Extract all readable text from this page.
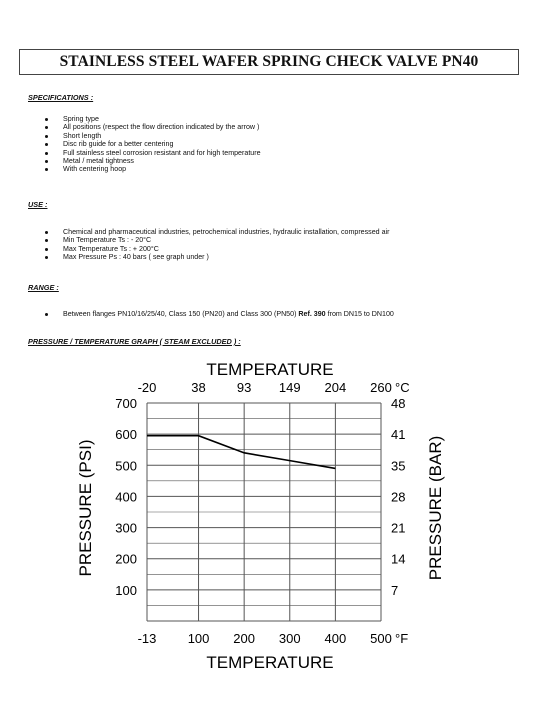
STAINLESS STEEL WAFER SPRING CHECK VALVE PN40
SPECIFICATIONS :
Spring type
All positions (respect the flow direction indicated by the arrow )
Short length
Disc rib guide for a better centering
Full stainless steel corrosion resistant and for high temperature
Metal / metal tightness
With centering hoop
USE :
Chemical and pharmaceutical industries, petrochemical industries, hydraulic installation, compressed air
Min Temperature Ts : - 20°C
Max Temperature Ts : + 200°C
Max Pressure Ps : 40 bars ( see graph under )
RANGE :
Between flanges PN10/16/25/40, Class 150 (PN20) and Class 300 (PN50) Ref. 390 from DN15 to DN100
PRESSURE / TEMPERATURE GRAPH ( STEAM EXCLUDED ) :
-13 100 200 300 400 500 °F
-20	38 93 149 204 260 °C
700	48
600	41
500	35
400	28
300	21
200	14
100	7
TEMPERATURE
TEMPERATURE
PRESSURE (PSI)	PRESSURE (BAR)
